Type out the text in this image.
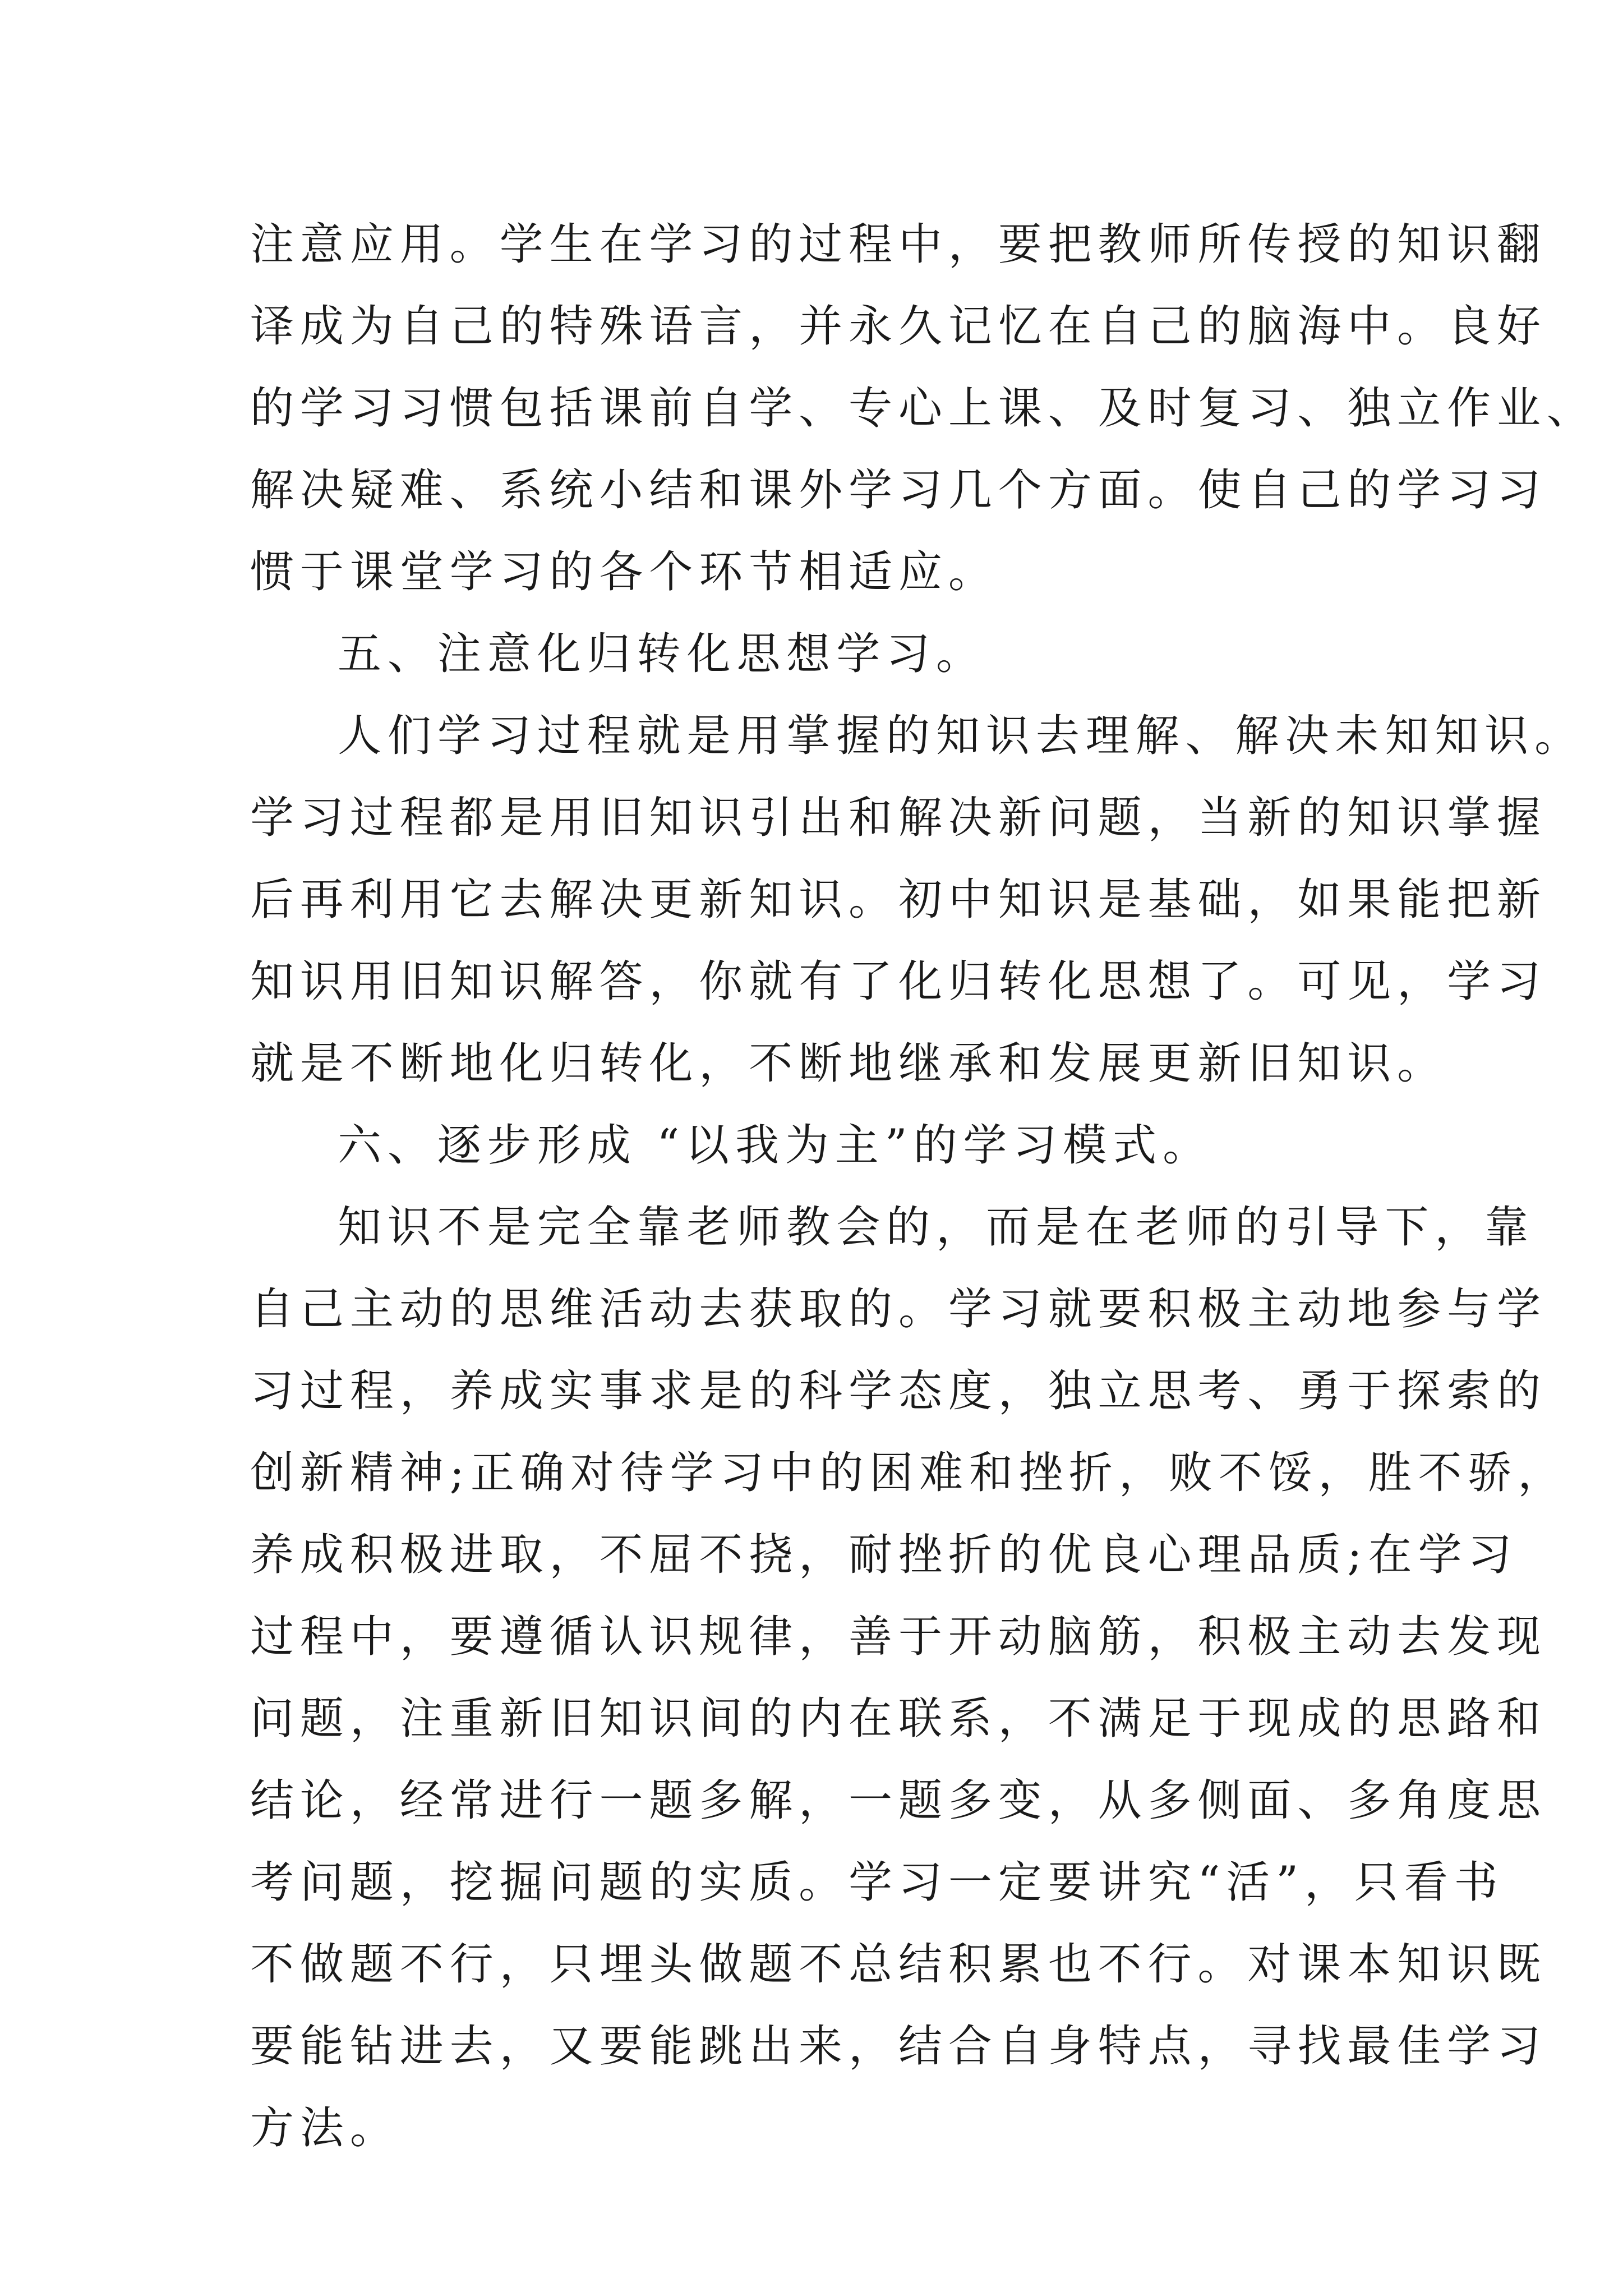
注意应用。学生在学习的过程中，要把教师所传授的知识翻
译成为自己的特殊语言，并永久记忆在自己的脑海中。良好
的学习习惯包括课前自学、专心上课、及时复习、独立作业、
解决疑难、系统小结和课外学习几个方面。使自己的学习习
惯于课堂学习的各个环节相适应。
五、注意化归转化思想学习。
人们学习过程就是用掌握的知识去理解、解决未知知识。
学习过程都是用旧知识引出和解决新问题，当新的知识掌握
后再利用它去解决更新知识。初中知识是基础，如果能把新
知识用旧知识解答，你就有了化归转化思想了。可见，学习
就是不断地化归转化，不断地继承和发展更新旧知识。
六、逐步形成 “以我为主”的学习模式。
知识不是完全靠老师教会的，而是在老师的引导下，靠
自己主动的思维活动去获取的。学习就要积极主动地参与学
习过程，养成实事求是的科学态度，独立思考、勇于探索的
创新精神;正确对待学习中的困难和挫折，败不馁，胜不骄，
养成积极进取，不屈不挠，耐挫折的优良心理品质;在学习
过程中，要遵循认识规律，善于开动脑筋，积极主动去发现
问题，注重新旧知识间的内在联系，不满足于现成的思路和
结论，经常进行一题多解，一题多变，从多侧面、多角度思
考问题，挖掘问题的实质。学习一定要讲究“活”，只看书
不做题不行，只埋头做题不总结积累也不行。对课本知识既
要能钻进去，又要能跳出来，结合自身特点，寻找最佳学习
方法。
